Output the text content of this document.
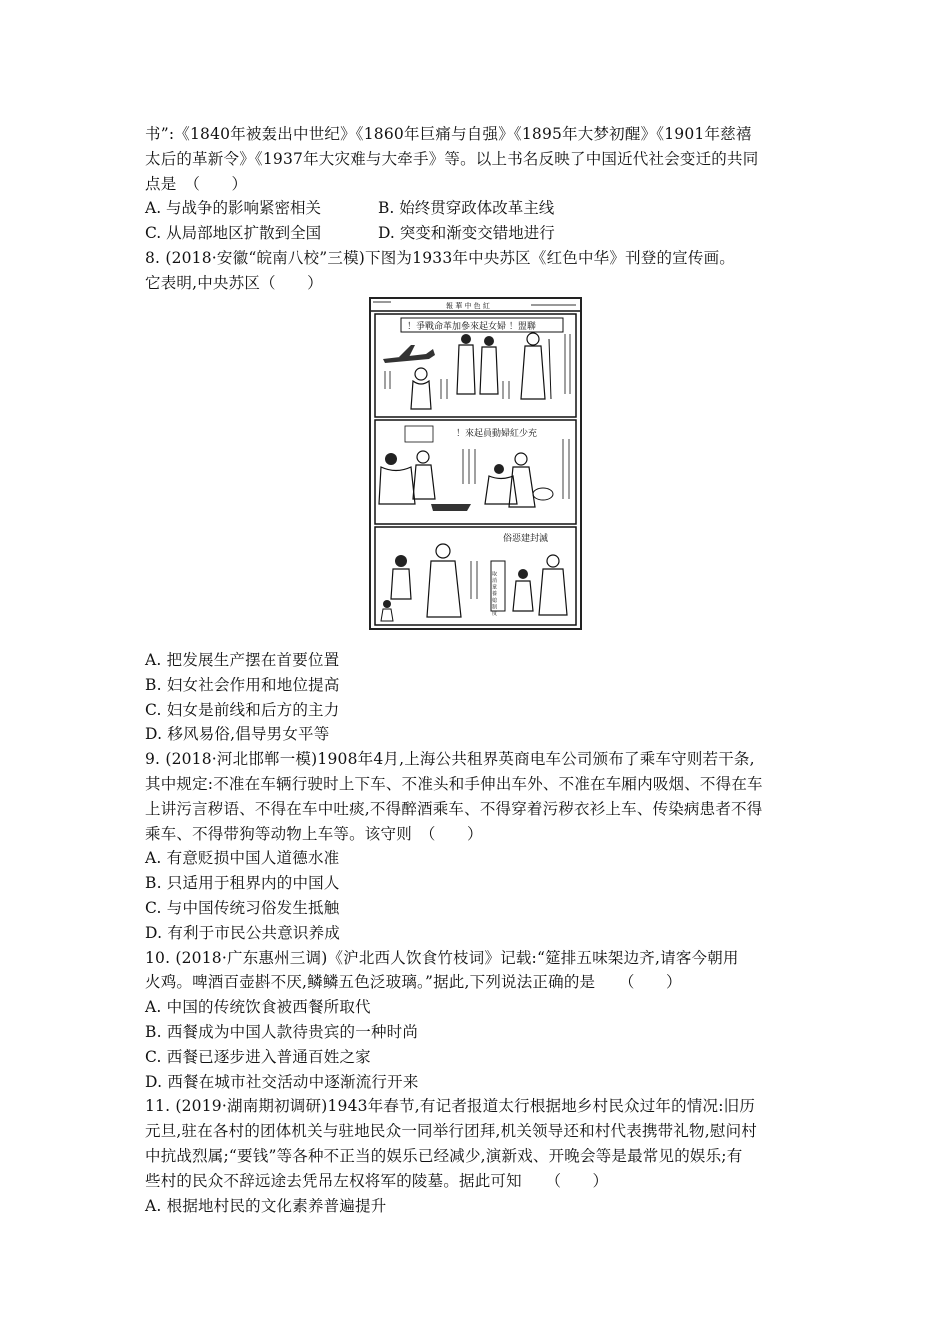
书”:《1840年被轰出中世纪》《1860年巨痛与自强》《1895年大梦初醒》《1901年慈禧
太后的革新令》《1937年大灾难与大牵手》等。以上书名反映了中国近代社会变迁的共同
点是　（　　）
A. 与战争的影响紧密相关	B. 始终贯穿政体改革主线
C. 从局部地区扩散到全国	D. 突变和渐变交错地进行
8. (2018·安徽“皖南八校”三模)下图为1933年中央苏区《红色中华》刊登的宣传画。
它表明,中央苏区（　　）
報 華 中 色 紅
！爭戰命革加參來起女婦 ！盟聯
！來起員動婦紅少充
俗惡建封滅
取 消 童 養 媳 制 度
A. 把发展生产摆在首要位置
B. 妇女社会作用和地位提高
C. 妇女是前线和后方的主力
D. 移风易俗,倡导男女平等
9. (2018·河北邯郸一模)1908年4月,上海公共租界英商电车公司颁布了乘车守则若干条,
其中规定:不准在车辆行驶时上下车、不准头和手伸出车外、不准在车厢内吸烟、不得在车
上讲污言秽语、不得在车中吐痰,不得醉酒乘车、不得穿着污秽衣衫上车、传染病患者不得
乘车、不得带狗等动物上车等。该守则　（　　）
A. 有意贬损中国人道德水准
B. 只适用于租界内的中国人
C. 与中国传统习俗发生抵触
D. 有利于市民公共意识养成
10. (2018·广东惠州三调)《沪北西人饮食竹枝词》记载:“筵排五味架边齐,请客今朝用
火鸡。啤酒百壶斟不厌,鳞鳞五色泛玻璃。”据此,下列说法正确的是　　（　　）
A. 中国的传统饮食被西餐所取代
B. 西餐成为中国人款待贵宾的一种时尚
C. 西餐已逐步进入普通百姓之家
D. 西餐在城市社交活动中逐渐流行开来
11. (2019·湖南期初调研)1943年春节,有记者报道太行根据地乡村民众过年的情况:旧历
元旦,驻在各村的团体机关与驻地民众一同举行团拜,机关领导还和村代表携带礼物,慰问村
中抗战烈属;“要钱”等各种不正当的娱乐已经减少,演新戏、开晚会等是最常见的娱乐;有
些村的民众不辞远途去凭吊左权将军的陵墓。据此可知　　（　　）
A. 根据地村民的文化素养普遍提升
